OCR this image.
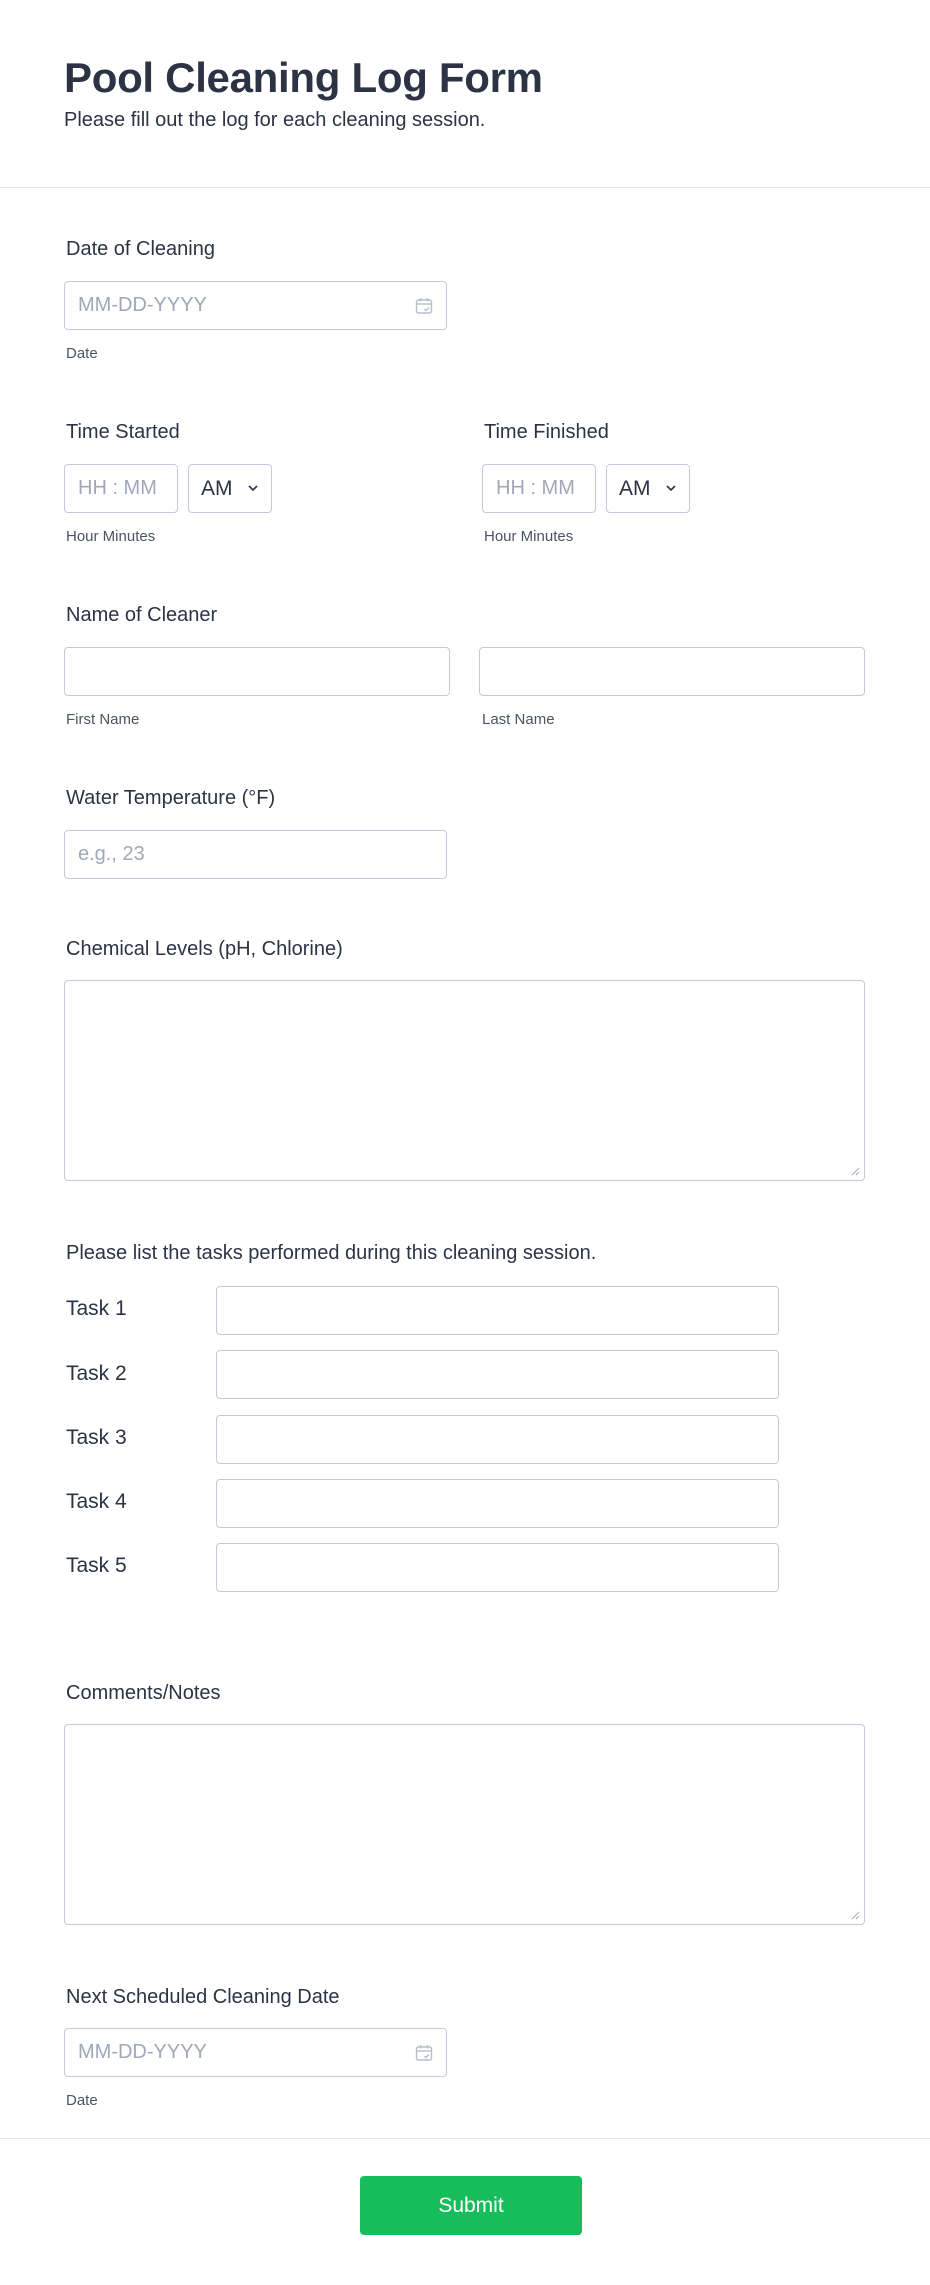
Pool Cleaning Log Form
Please fill out the log for each cleaning session.
Date of Cleaning
MM-DD-YYYY
Date
Time Started
HH : MM AM
Hour Minutes
Time Finished
HH : MM AM
Hour Minutes
Name of Cleaner
First Name	Last Name
Water Temperature (°F)
e.g., 23
Chemical Levels (pH, Chlorine)
Please list the tasks performed during this cleaning session.
Task 1
Task 2
Task 3
Task 4
Task 5
Comments/Notes
Next Scheduled Cleaning Date
MM-DD-YYYY
Date
Submit
